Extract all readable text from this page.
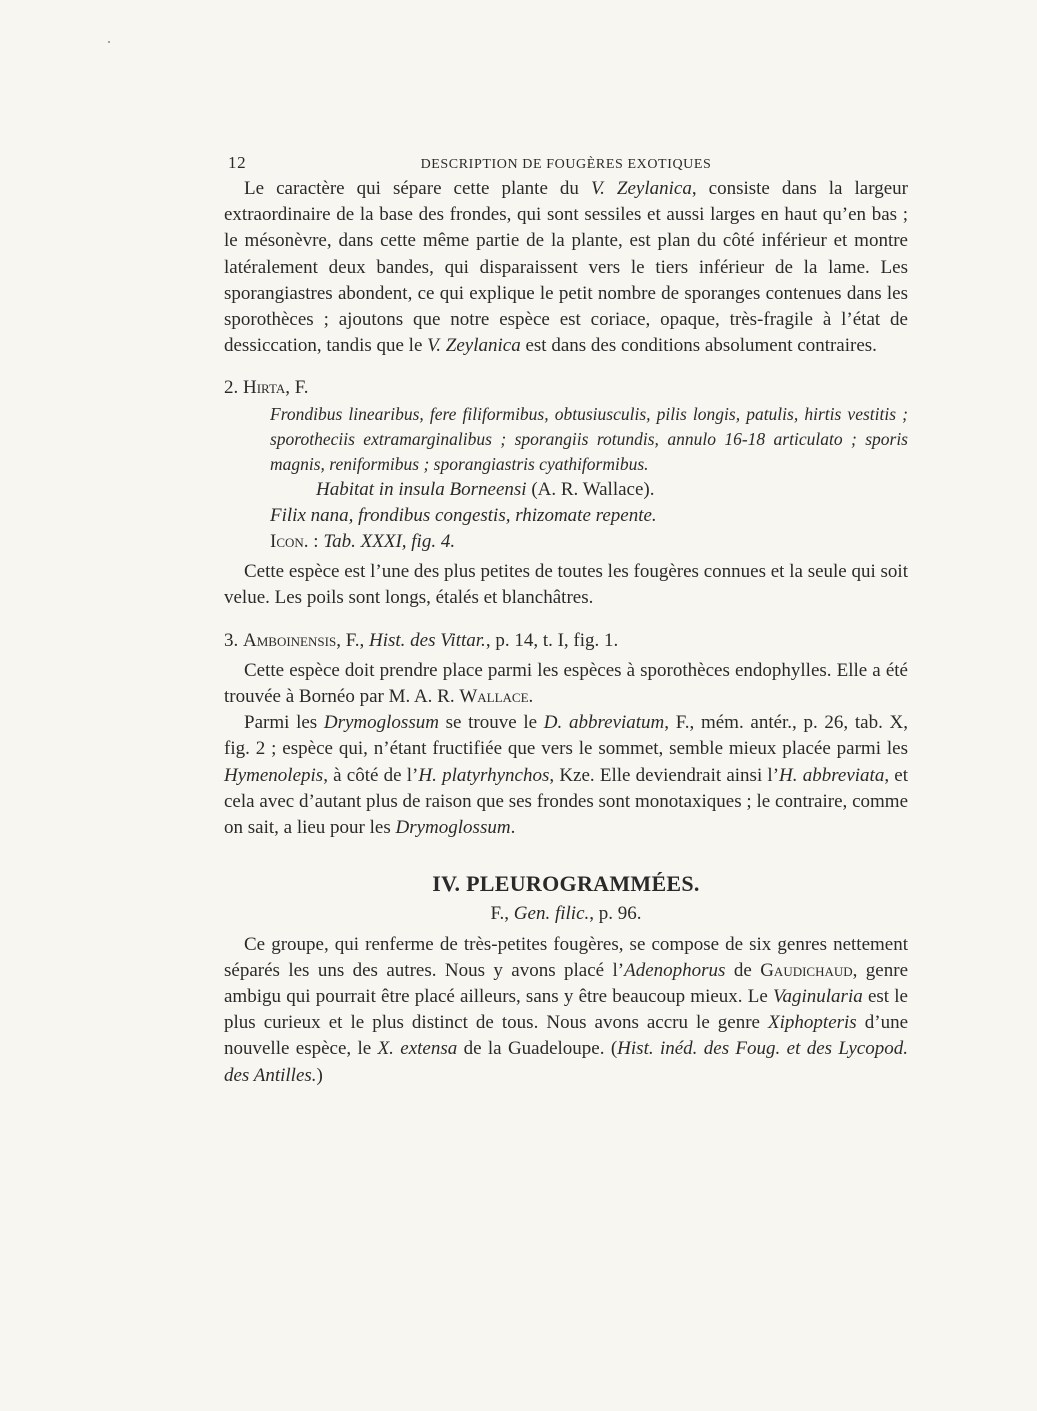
12	DESCRIPTION DE FOUGÈRES EXOTIQUES

Le caractère qui sépare cette plante du V. Zeylanica, consiste dans la largeur extraordinaire de la base des frondes, qui sont sessiles et aussi larges en haut qu’en bas ; le mésonèvre, dans cette même partie de la plante, est plan du côté inférieur et montre latéralement deux bandes, qui disparaissent vers le tiers inférieur de la lame. Les sporangiastres abondent, ce qui explique le petit nombre de sporanges contenues dans les sporothèces ; ajoutons que notre espèce est coriace, opaque, très-fragile à l’état de dessiccation, tandis que le V. Zeylanica est dans des conditions absolument contraires.

2. Hirta, F.

Frondibus linearibus, fere filiformibus, obtusiusculis, pilis longis, patulis, hirtis vestitis ; sporotheciis extramarginalibus ; sporangiis rotundis, annulo 16-18 articulato ; sporis magnis, reniformibus ; sporangiastris cyathiformibus.

Habitat in insula Borneensi (A. R. Wallace).

Filix nana, frondibus congestis, rhizomate repente.

Icon. : Tab. XXXI, fig. 4.

Cette espèce est l’une des plus petites de toutes les fougères connues et la seule qui soit velue. Les poils sont longs, étalés et blanchâtres.

3. Amboinensis, F., Hist. des Vittar., p. 14, t. I, fig. 1.

Cette espèce doit prendre place parmi les espèces à sporothèces endophylles. Elle a été trouvée à Bornéo par M. A. R. Wallace.

Parmi les Drymoglossum se trouve le D. abbreviatum, F., mém. antér., p. 26, tab. X, fig. 2 ; espèce qui, n’étant fructifiée que vers le sommet, semble mieux placée parmi les Hymenolepis, à côté de l’H. platyrhynchos, Kze. Elle deviendrait ainsi l’H. abbreviata, et cela avec d’autant plus de raison que ses frondes sont monotaxiques ; le contraire, comme on sait, a lieu pour les Drymoglossum.

IV. PLEUROGRAMMÉES.

F., Gen. filic., p. 96.

Ce groupe, qui renferme de très-petites fougères, se compose de six genres nettement séparés les uns des autres. Nous y avons placé l’Adenophorus de Gaudichaud, genre ambigu qui pourrait être placé ailleurs, sans y être beaucoup mieux. Le Vaginularia est le plus curieux et le plus distinct de tous. Nous avons accru le genre Xiphopteris d’une nouvelle espèce, le X. extensa de la Guadeloupe. (Hist. inéd. des Foug. et des Lycopod. des Antilles.)
